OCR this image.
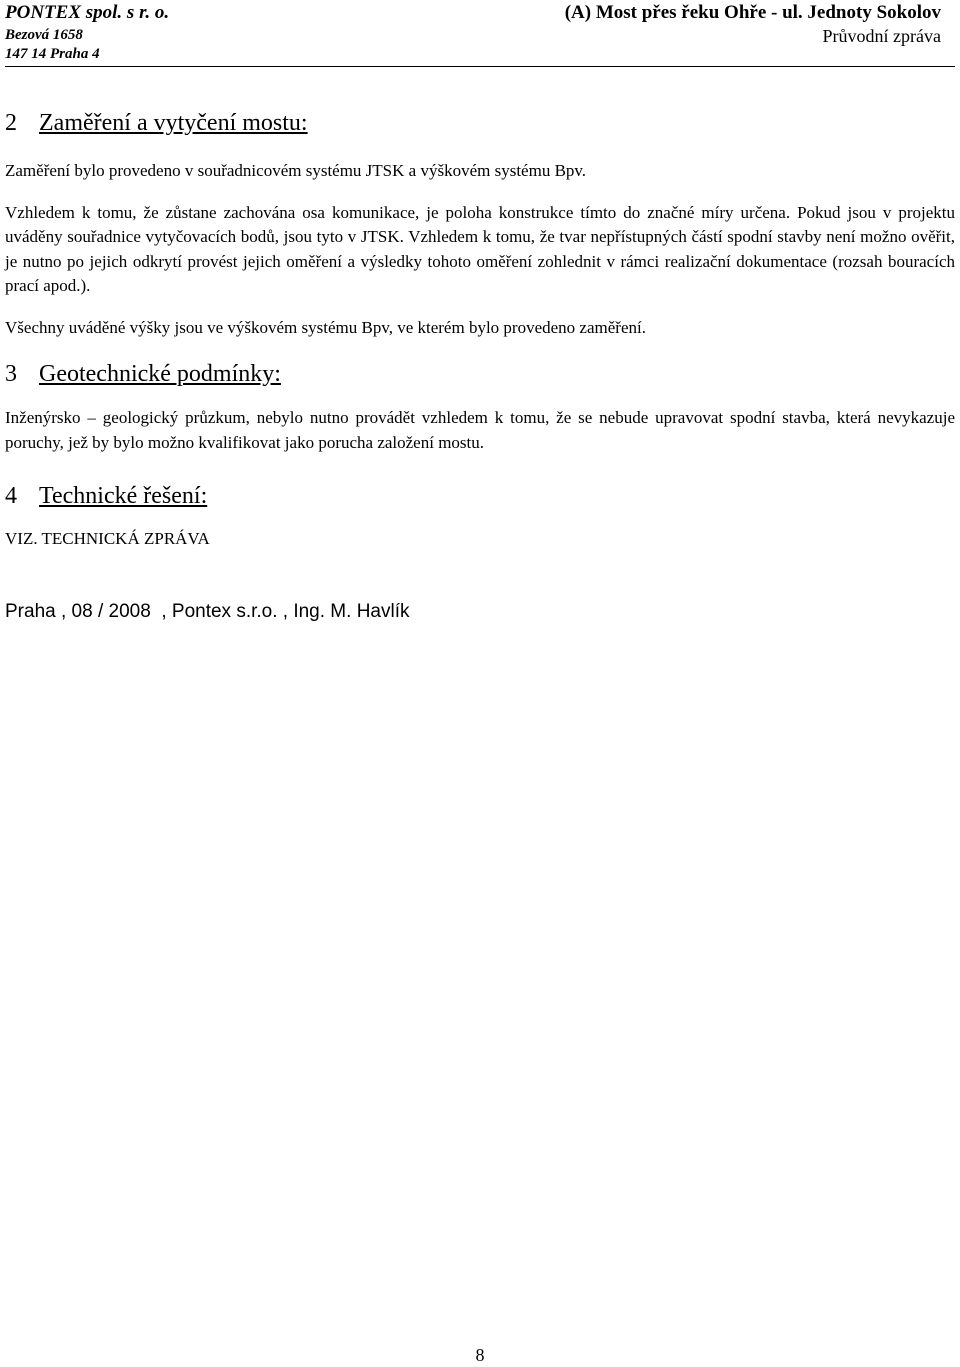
PONTEX spol. s r. o.
Bezová 1658
147 14 Praha 4
(A) Most přes řeku Ohře - ul. Jednoty Sokolov
Průvodní zpráva
2 Zaměření a vytyčení mostu:

Zaměření bylo provedeno v souřadnicovém systému JTSK a výškovém systému Bpv.

Vzhledem k tomu, že zůstane zachována osa komunikace, je poloha konstrukce tímto do značné míry určena. Pokud jsou v projektu uváděny souřadnice vytyčovacích bodů, jsou tyto v JTSK. Vzhledem k tomu, že tvar nepřístupných částí spodní stavby není možno ověřit, je nutno po jejich odkrytí provést jejich oměření a výsledky tohoto oměření zohlednit v rámci realizační dokumentace (rozsah bouracích prací apod.).

Všechny uváděné výšky jsou ve výškovém systému Bpv, ve kterém bylo provedeno zaměření.

3 Geotechnické podmínky:

Inženýrsko – geologický průzkum, nebylo nutno provádět vzhledem k tomu, že se nebude upravovat spodní stavba, která nevykazuje poruchy, jež by bylo možno kvalifikovat jako porucha založení mostu.

4 Technické řešení:

VIZ. TECHNICKÁ ZPRÁVA

Praha , 08 / 2008  , Pontex s.r.o. , Ing. M. Havlík

8
